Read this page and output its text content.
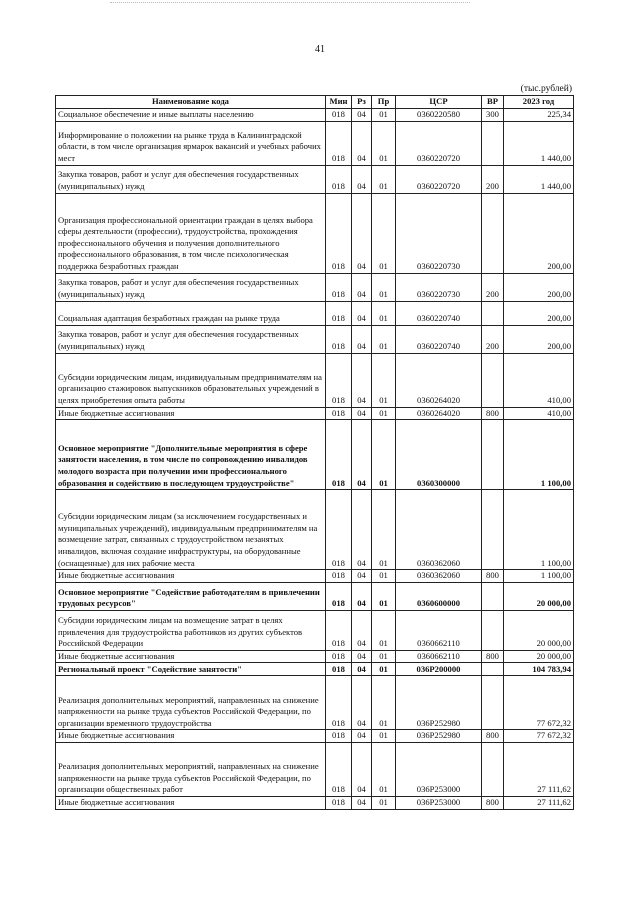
41
(тыс.рублей)
Наименование кода	Мин	Рз	Пр	ЦСР	ВР	2023 год
Социальное обеспечение и иные выплаты населению	018	04	01	0360220580	300	225,34
Информирование о положении на рынке труда в Калининградской области, в том числе организация ярмарок вакансий и учебных рабочих мест	018	04	01	0360220720		1 440,00
Закупка товаров, работ и услуг для обеспечения государственных (муниципальных) нужд	018	04	01	0360220720	200	1 440,00
Организация профессиональной ориентации граждан в целях выбора сферы деятельности (профессии), трудоустройства, прохождения профессионального обучения и получения дополнительного профессионального образования, в том числе психологическая поддержка безработных граждан	018	04	01	0360220730		200,00
Закупка товаров, работ и услуг для обеспечения государственных (муниципальных) нужд	018	04	01	0360220730	200	200,00
Социальная адаптация безработных граждан на рынке труда	018	04	01	0360220740		200,00
Закупка товаров, работ и услуг для обеспечения государственных (муниципальных) нужд	018	04	01	0360220740	200	200,00
Субсидии юридическим лицам, индивидуальным предпринимателям на организацию стажировок выпускников образовательных учреждений в целях приобретения опыта работы	018	04	01	0360264020		410,00
Иные бюджетные ассигнования	018	04	01	0360264020	800	410,00
Основное мероприятие "Дополнительные мероприятия в сфере занятости населения, в том числе по сопровождению инвалидов молодого возраста при получении ими профессионального образования и содействию в последующем трудоустройстве"	018	04	01	0360300000		1 100,00
Субсидии юридическим лицам (за исключением государственных и муниципальных учреждений), индивидуальным предпринимателям на возмещение затрат, связанных с трудоустройством незанятых инвалидов, включая создание инфраструктуры, на оборудованные (оснащенные) для них рабочие места	018	04	01	0360362060		1 100,00
Иные бюджетные ассигнования	018	04	01	0360362060	800	1 100,00
Основное мероприятие "Содействие работодателям в привлечении трудовых ресурсов"	018	04	01	0360600000		20 000,00
Субсидии юридическим лицам на возмещение затрат в целях привлечения для трудоустройства работников из других субъектов Российской Федерации	018	04	01	0360662110		20 000,00
Иные бюджетные ассигнования	018	04	01	0360662110	800	20 000,00
Региональный проект "Содействие занятости"	018	04	01	036P200000		104 783,94
Реализация дополнительных мероприятий, направленных на снижение напряженности на рынке труда субъектов Российской Федерации, по организации временного трудоустройства	018	04	01	036P252980		77 672,32
Иные бюджетные ассигнования	018	04	01	036P252980	800	77 672,32
Реализация дополнительных мероприятий, направленных на снижение напряженности на рынке труда субъектов Российской Федерации, по организации общественных работ	018	04	01	036P253000		27 111,62
Иные бюджетные ассигнования	018	04	01	036P253000	800	27 111,62
